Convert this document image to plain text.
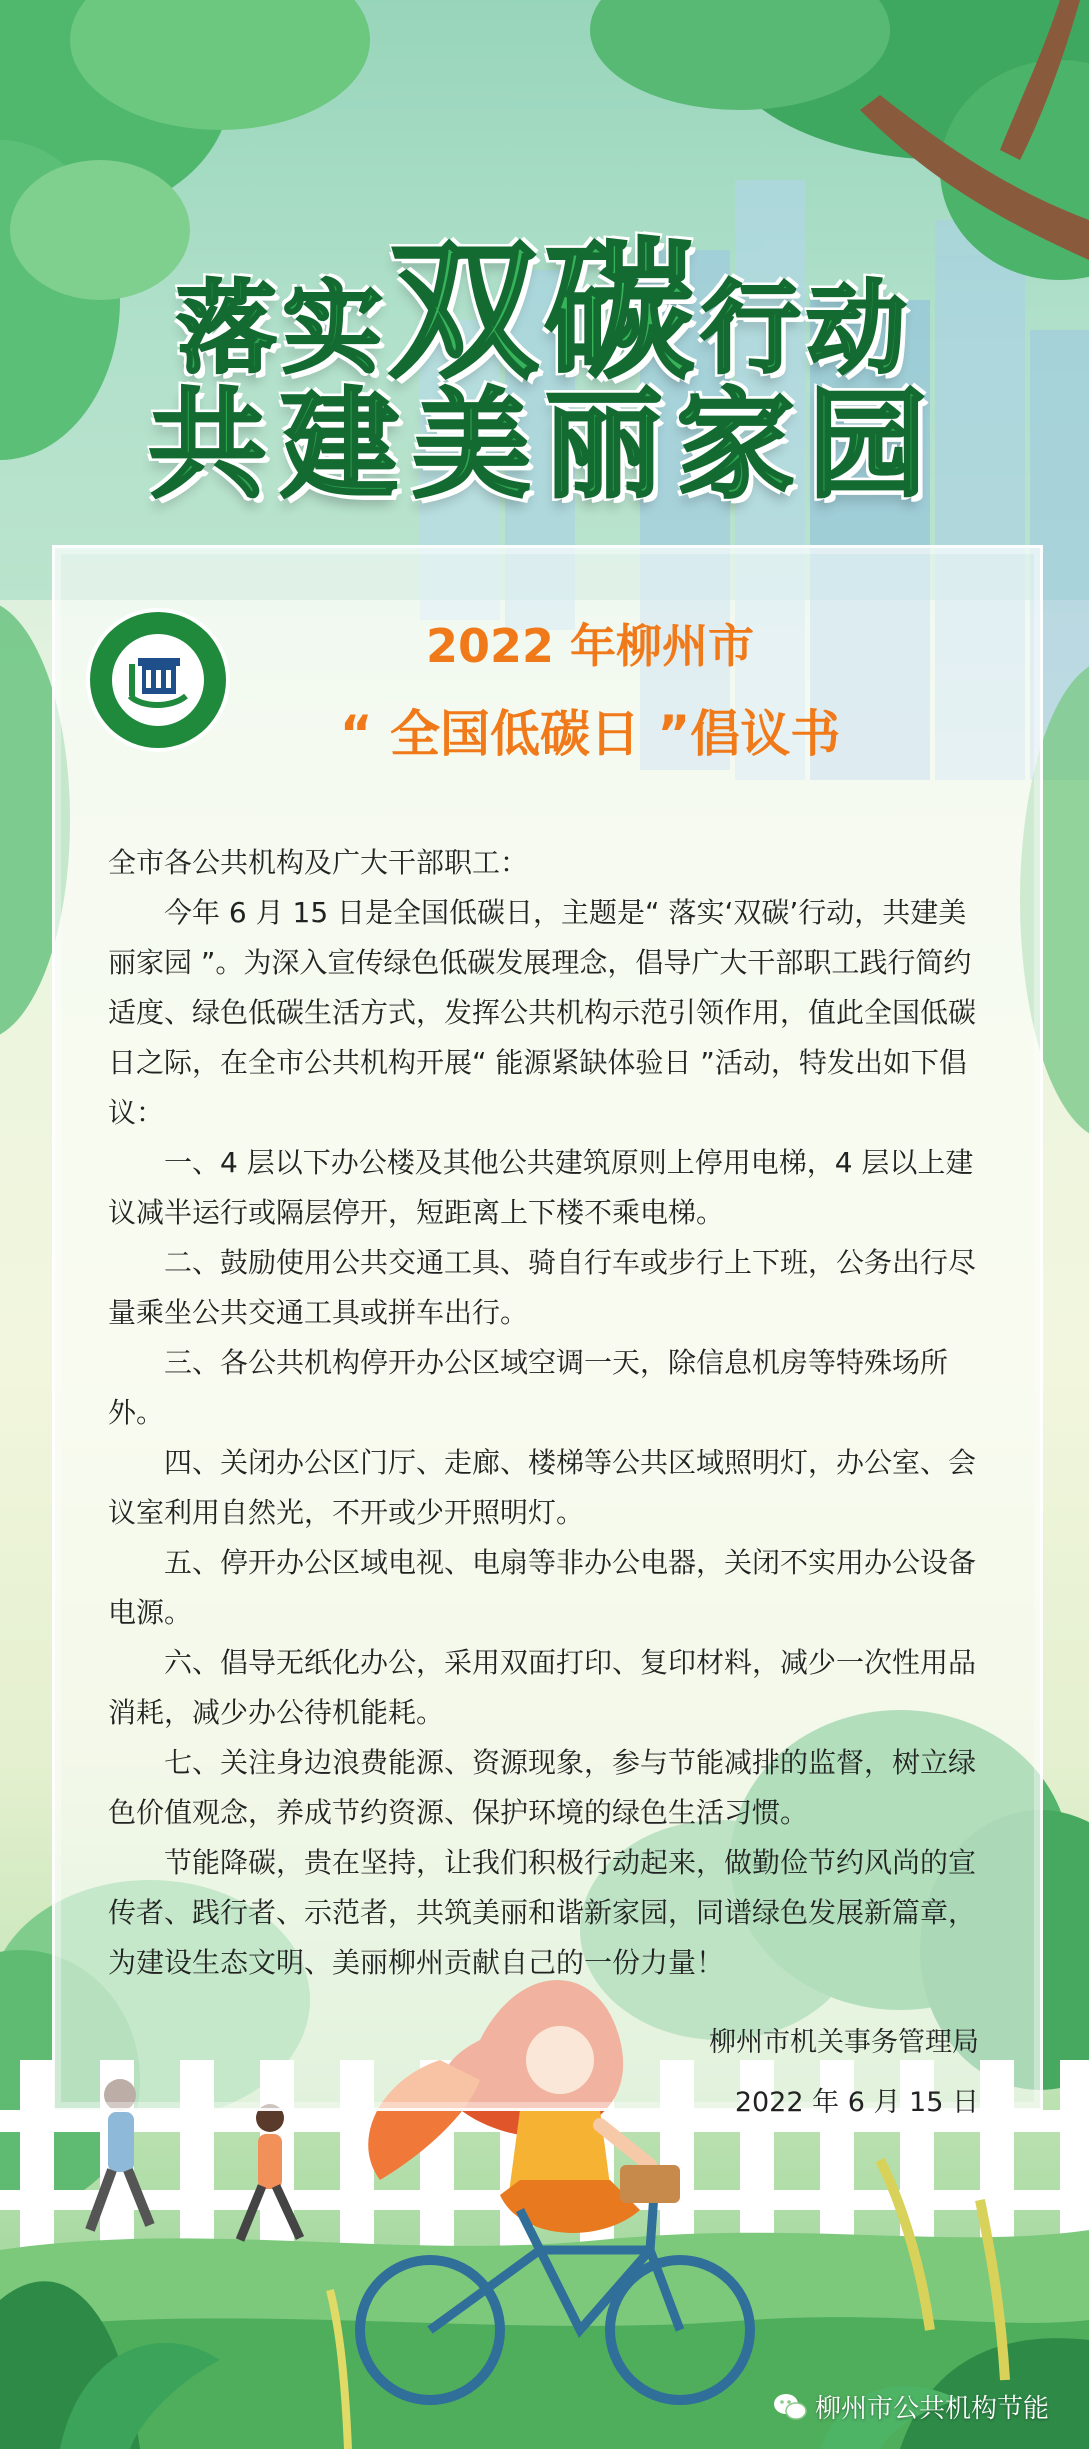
落实双碳行动
共建美丽家园
2022 年柳州市
“ 全国低碳日 ”倡议书

全市各公共机构及广大干部职工：

今年 6 月 15 日是全国低碳日，主题是“ 落实‘双碳’行动，共建美丽家园 ”。为深入宣传绿色低碳发展理念，倡导广大干部职工践行简约适度、绿色低碳生活方式，发挥公共机构示范引领作用，值此全国低碳日之际，在全市公共机构开展“ 能源紧缺体验日 ”活动，特发出如下倡议：

一、4 层以下办公楼及其他公共建筑原则上停用电梯，4 层以上建议减半运行或隔层停开，短距离上下楼不乘电梯。

二、鼓励使用公共交通工具、骑自行车或步行上下班，公务出行尽量乘坐公共交通工具或拼车出行。

三、各公共机构停开办公区域空调一天，除信息机房等特殊场所外。

四、关闭办公区门厅、走廊、楼梯等公共区域照明灯，办公室、会议室利用自然光，不开或少开照明灯。

五、停开办公区域电视、电扇等非办公电器，关闭不实用办公设备电源。

六、倡导无纸化办公，采用双面打印、复印材料，减少一次性用品消耗，减少办公待机能耗。

七、关注身边浪费能源、资源现象，参与节能减排的监督，树立绿色价值观念，养成节约资源、保护环境的绿色生活习惯。

节能降碳，贵在坚持，让我们积极行动起来，做勤俭节约风尚的宣传者、践行者、示范者，共筑美丽和谐新家园，同谱绿色发展新篇章，为建设生态文明、美丽柳州贡献自己的一份力量！

柳州市机关事务管理局
2022 年 6 月 15 日
柳州市公共机构节能
